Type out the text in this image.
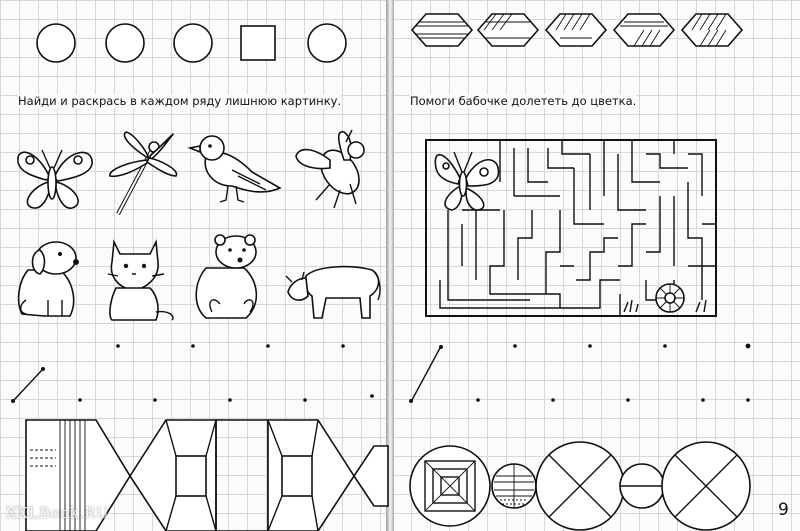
Найди и раскрась в каждом ряду лишнюю картинку.	Помоги бабочке долететь до цветка.
9
XXLBook.RU
